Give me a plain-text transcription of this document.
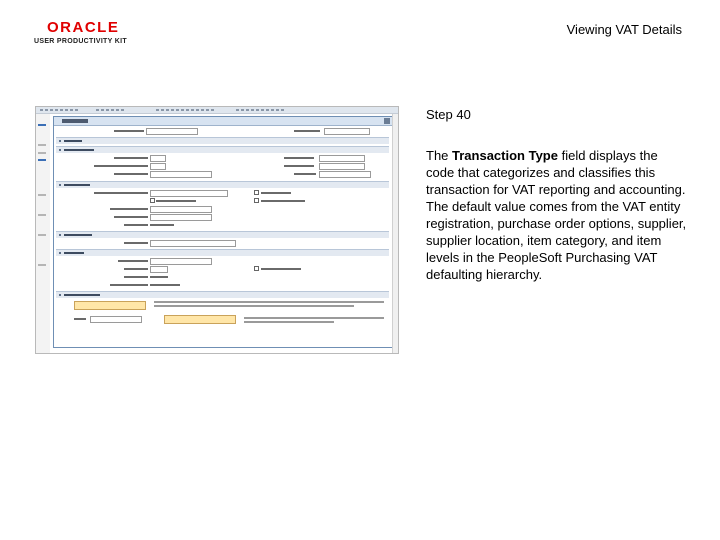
ORACLE
USER PRODUCTIVITY KIT
Viewing VAT Details
Step 40
The Transaction Type field displays the code that categorizes and classifies this transaction for VAT reporting and accounting. The default value comes from the VAT entity registration, purchase order options, supplier, supplier location, item category, and item levels in the PeopleSoft Purchasing VAT defaulting hierarchy.
